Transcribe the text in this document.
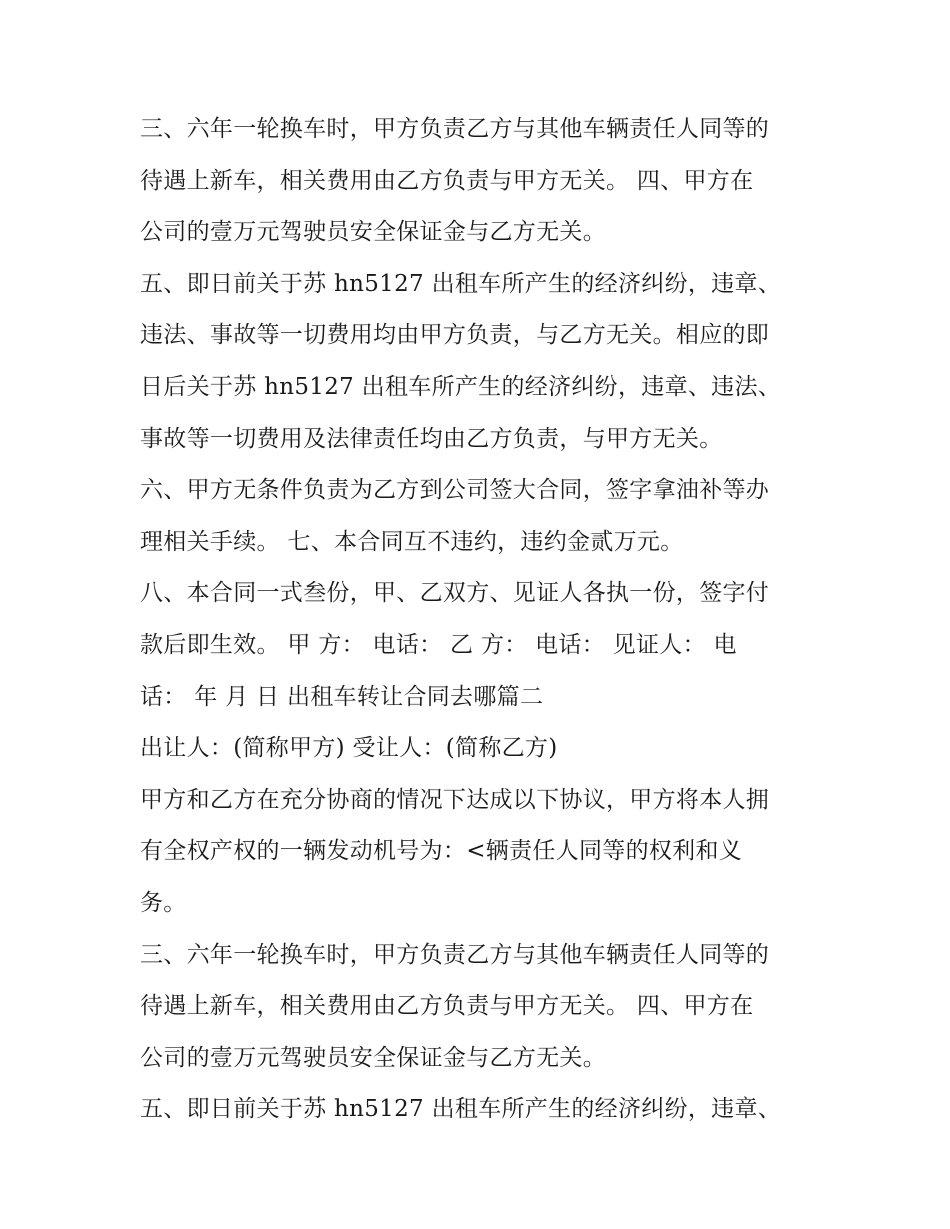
三、六年一轮换车时，甲方负责乙方与其他车辆责任人同等的
待遇上新车，相关费用由乙方负责与甲方无关。 四、甲方在
公司的壹万元驾驶员安全保证金与乙方无关。
五、即日前关于苏 hn5127 出租车所产生的经济纠纷，违章、
违法、事故等一切费用均由甲方负责，与乙方无关。相应的即
日后关于苏 hn5127 出租车所产生的经济纠纷，违章、违法、
事故等一切费用及法律责任均由乙方负责，与甲方无关。
六、甲方无条件负责为乙方到公司签大合同，签字拿油补等办
理相关手续。 七、本合同互不违约，违约金贰万元。
八、本合同一式叁份，甲、乙双方、见证人各执一份，签字付
款后即生效。 甲 方： 电话： 乙 方： 电话： 见证人： 电
话： 年 月 日 出租车转让合同去哪篇二
出让人：(简称甲方) 受让人：(简称乙方)
甲方和乙方在充分协商的情况下达成以下协议，甲方将本人拥
有全权产权的一辆发动机号为：<辆责任人同等的权利和义
务。
三、六年一轮换车时，甲方负责乙方与其他车辆责任人同等的
待遇上新车，相关费用由乙方负责与甲方无关。 四、甲方在
公司的壹万元驾驶员安全保证金与乙方无关。
五、即日前关于苏 hn5127 出租车所产生的经济纠纷，违章、
